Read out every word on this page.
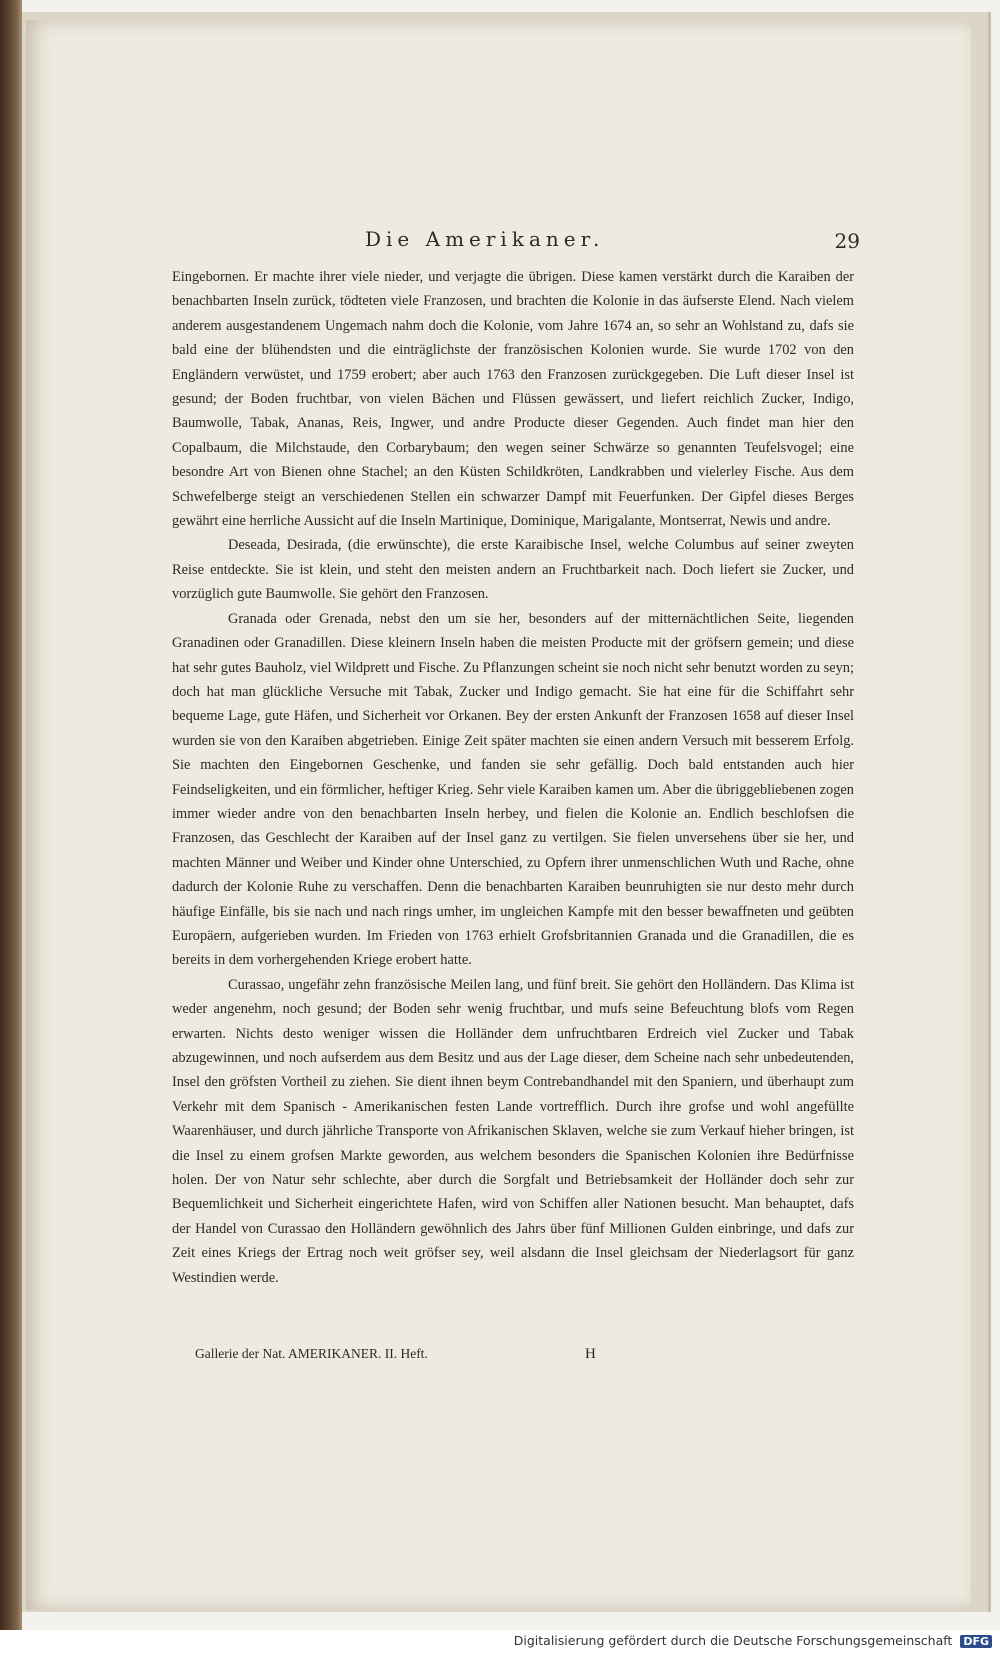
Die Amerikaner.	29

Eingebornen. Er machte ihrer viele nieder, und verjagte die übrigen. Diese kamen verstärkt durch die Karaiben der benachbarten Inseln zurück, tödteten viele Franzosen, und brachten die Kolonie in das äufserste Elend. Nach vielem anderem ausgestandenem Ungemach nahm doch die Kolonie, vom Jahre 1674 an, so sehr an Wohlstand zu, dafs sie bald eine der blühendsten und die einträglichste der französischen Kolonien wurde. Sie wurde 1702 von den Engländern verwüstet, und 1759 erobert; aber auch 1763 den Franzosen zurückgegeben. Die Luft dieser Insel ist gesund; der Boden fruchtbar, von vielen Bächen und Flüssen gewässert, und liefert reichlich Zucker, Indigo, Baumwolle, Tabak, Ananas, Reis, Ingwer, und andre Producte dieser Gegenden. Auch findet man hier den Copalbaum, die Milchstaude, den Corbarybaum; den wegen seiner Schwärze so genannten Teufelsvogel; eine besondre Art von Bienen ohne Stachel; an den Küsten Schildkröten, Landkrabben und vielerley Fische. Aus dem Schwefelberge steigt an verschiedenen Stellen ein schwarzer Dampf mit Feuerfunken. Der Gipfel dieses Berges gewährt eine herrliche Aussicht auf die Inseln Martinique, Dominique, Marigalante, Montserrat, Newis und andre.

Deseada, Desirada, (die erwünschte), die erste Karaibische Insel, welche Columbus auf seiner zweyten Reise entdeckte. Sie ist klein, und steht den meisten andern an Fruchtbarkeit nach. Doch liefert sie Zucker, und vorzüglich gute Baumwolle. Sie gehört den Franzosen.

Granada oder Grenada, nebst den um sie her, besonders auf der mitternächtlichen Seite, liegenden Granadinen oder Granadillen. Diese kleinern Inseln haben die meisten Producte mit der gröfsern gemein; und diese hat sehr gutes Bauholz, viel Wildprett und Fische. Zu Pflanzungen scheint sie noch nicht sehr benutzt worden zu seyn; doch hat man glückliche Versuche mit Tabak, Zucker und Indigo gemacht. Sie hat eine für die Schiffahrt sehr bequeme Lage, gute Häfen, und Sicherheit vor Orkanen. Bey der ersten Ankunft der Franzosen 1658 auf dieser Insel wurden sie von den Karaiben abgetrieben. Einige Zeit später machten sie einen andern Versuch mit besserem Erfolg. Sie machten den Eingebornen Geschenke, und fanden sie sehr gefällig. Doch bald entstanden auch hier Feindseligkeiten, und ein förmlicher, heftiger Krieg. Sehr viele Karaiben kamen um. Aber die übriggebliebenen zogen immer wieder andre von den benachbarten Inseln herbey, und fielen die Kolonie an. Endlich beschlofsen die Franzosen, das Geschlecht der Karaiben auf der Insel ganz zu vertilgen. Sie fielen unversehens über sie her, und machten Männer und Weiber und Kinder ohne Unterschied, zu Opfern ihrer unmenschlichen Wuth und Rache, ohne dadurch der Kolonie Ruhe zu verschaffen. Denn die benachbarten Karaiben beunruhigten sie nur desto mehr durch häufige Einfälle, bis sie nach und nach rings umher, im ungleichen Kampfe mit den besser bewaffneten und geübten Europäern, aufgerieben wurden. Im Frieden von 1763 erhielt Grofsbritannien Granada und die Granadillen, die es bereits in dem vorhergehenden Kriege erobert hatte.

Curassao, ungefähr zehn französische Meilen lang, und fünf breit. Sie gehört den Holländern. Das Klima ist weder angenehm, noch gesund; der Boden sehr wenig fruchtbar, und mufs seine Befeuchtung blofs vom Regen erwarten. Nichts desto weniger wissen die Holländer dem unfruchtbaren Erdreich viel Zucker und Tabak abzugewinnen, und noch aufserdem aus dem Besitz und aus der Lage dieser, dem Scheine nach sehr unbedeutenden, Insel den gröfsten Vortheil zu ziehen. Sie dient ihnen beym Contrebandhandel mit den Spaniern, und überhaupt zum Verkehr mit dem Spanisch - Amerikanischen festen Lande vortrefflich. Durch ihre grofse und wohl angefüllte Waarenhäuser, und durch jährliche Transporte von Afrikanischen Sklaven, welche sie zum Verkauf hieher bringen, ist die Insel zu einem grofsen Markte geworden, aus welchem besonders die Spanischen Kolonien ihre Bedürfnisse holen. Der von Natur sehr schlechte, aber durch die Sorgfalt und Betriebsamkeit der Holländer doch sehr zur Bequemlichkeit und Sicherheit eingerichtete Hafen, wird von Schiffen aller Nationen besucht. Man behauptet, dafs der Handel von Curassao den Holländern gewöhnlich des Jahrs über fünf Millionen Gulden einbringe, und dafs zur Zeit eines Kriegs der Ertrag noch weit gröfser sey, weil alsdann die Insel gleichsam der Niederlagsort für ganz Westindien werde.

Gallerie der Nat. AMERIKANER. II. Heft.	H
Digitalisierung gefördert durch die Deutsche Forschungsgemeinschaft DFG
